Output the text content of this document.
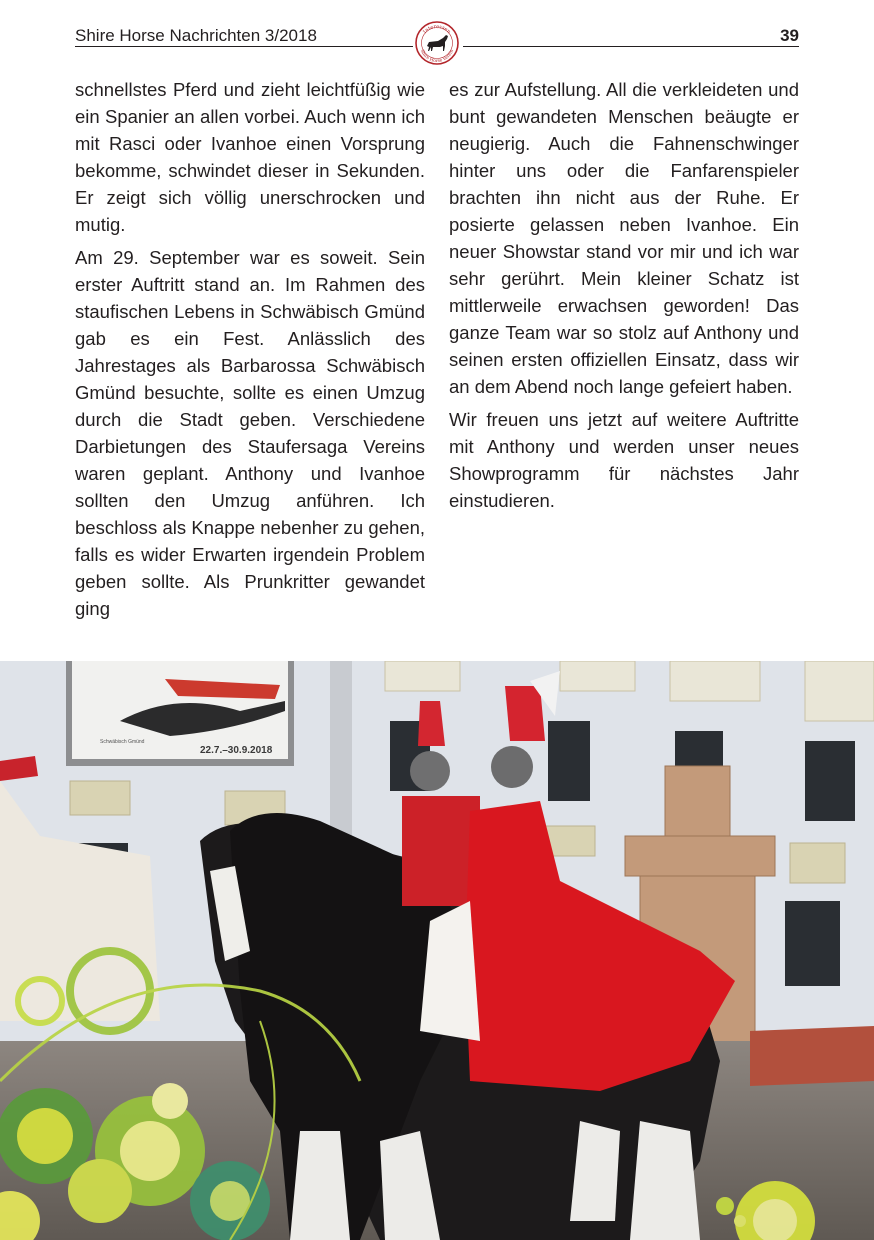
Shire Horse Nachrichten 3/2018	39
Interessen
Shire Horse Verein

schnellstes Pferd und zieht leichtfüßig wie ein Spanier an allen vorbei. Auch wenn ich mit Rasci oder Ivanhoe einen Vorsprung bekomme, schwindet dieser in Sekunden. Er zeigt sich völlig unerschrocken und mutig.

Am 29. September war es soweit. Sein erster Auftritt stand an. Im Rahmen des staufischen Lebens in Schwäbisch Gmünd gab es ein Fest. Anlässlich des Jahrestages als Barbarossa Schwäbisch Gmünd besuchte, sollte es einen Umzug durch die Stadt geben. Verschiedene Darbietungen des Staufersaga Vereins waren geplant. Anthony und Ivanhoe sollten den Umzug anführen. Ich beschloss als Knappe nebenher zu gehen, falls es wider Erwarten irgendein Problem geben sollte. Als Prunkritter gewandet ging

es zur Aufstellung. All die verkleideten und bunt gewandeten Menschen beäugte er neugierig. Auch die Fahnenschwinger hinter uns oder die Fanfarenspieler brachten ihn nicht aus der Ruhe. Er posierte gelassen neben Ivanhoe. Ein neuer Showstar stand vor mir und ich war sehr gerührt. Mein kleiner Schatz ist mittlerweile erwachsen geworden! Das ganze Team war so stolz auf Anthony und seinen ersten offiziellen Einsatz, dass wir an dem Abend noch lange gefeiert haben.

Wir freuen uns jetzt auf weitere Auftritte mit Anthony und werden unser neues Showprogramm für nächstes Jahr einstudieren.

22.7.–30.9.2018
Schwäbisch Gmünd
